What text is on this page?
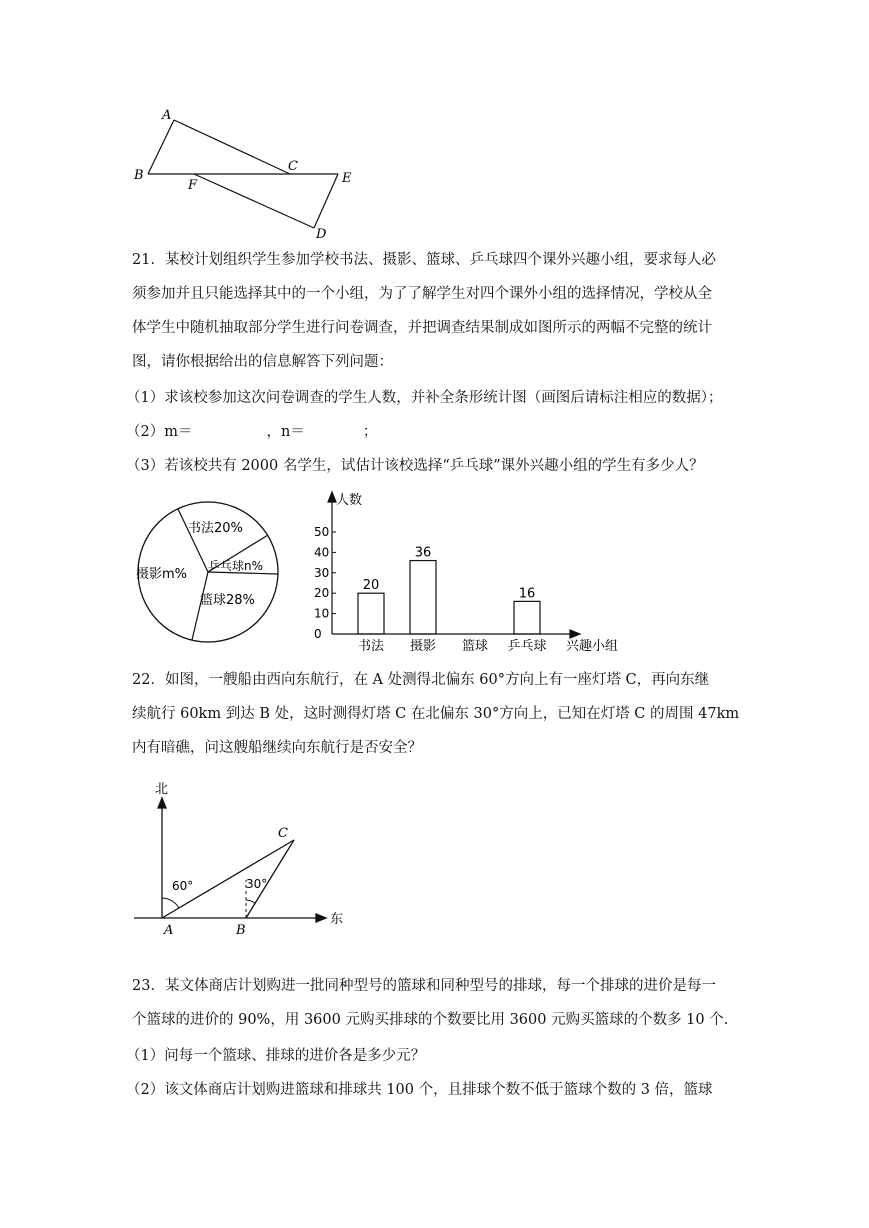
A
B
C
E
F
D
21．某校计划组织学生参加学校书法、摄影、篮球、乒乓球四个课外兴趣小组，要求每人必
须参加并且只能选择其中的一个小组，为了了解学生对四个课外小组的选择情况，学校从全
体学生中随机抽取部分学生进行问卷调查，并把调查结果制成如图所示的两幅不完整的统计
图，请你根据给出的信息解答下列问题：
（1）求该校参加这次问卷调查的学生人数，并补全条形统计图（画图后请标注相应的数据）；
（2）m＝	，n＝	；
（3）若该校共有 2000 名学生，试估计该校选择“乒乓球”课外兴趣小组的学生有多少人？
书法20%
摄影m%
乒乓球n%
篮球28%
人数
兴趣小组
0
10
20
30
40
50
书法
20
摄影
36
篮球 乒乓球
16
22．如图，一艘船由西向东航行，在 A 处测得北偏东 60°方向上有一座灯塔 C，再向东继
续航行 60km 到达 B 处，这时测得灯塔 C 在北偏东 30°方向上，已知在灯塔 C 的周围 47km
内有暗礁，问这艘船继续向东航行是否安全？
北
东
A	B
C
60°	30°
23．某文体商店计划购进一批同种型号的篮球和同种型号的排球，每一个排球的进价是每一
个篮球的进价的 90%，用 3600 元购买排球的个数要比用 3600 元购买篮球的个数多 10 个.
（1）问每一个篮球、排球的进价各是多少元？
（2）该文体商店计划购进篮球和排球共 100 个，且排球个数不低于篮球个数的 3 倍，篮球
